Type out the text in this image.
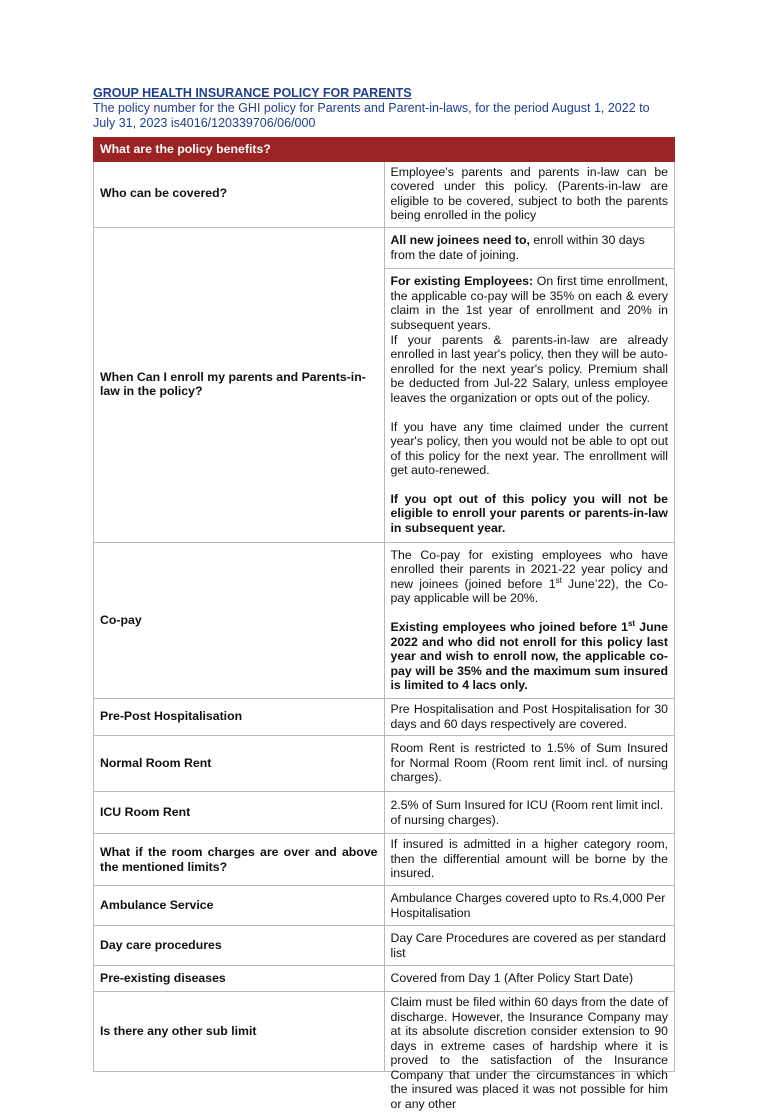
GROUP HEALTH INSURANCE POLICY FOR PARENTS

The policy number for the GHI policy for Parents and Parent-in-laws, for the period August 1, 2022 to July 31, 2023 is4016/120339706/06/000

What are the policy benefits?	
Who can be covered?	Employee’s parents and parents in-law can be covered under this policy. (Parents-in-law are eligible to be covered, subject to both the parents being enrolled in the policy
When Can I enroll my parents and Parents-in-law in the policy?	All new joinees need to, enroll within 30 days from the date of joining.

	For existing Employees: On first time enrollment, the applicable co-pay will be 35% on each & every claim in the 1st year of enrollment and 20% in subsequent years.

If your parents & parents-in-law are already enrolled in last year's policy, then they will be auto-enrolled for the next year's policy. Premium shall be deducted from Jul-22 Salary, unless employee leaves the organization or opts out of the policy.

If you have any time claimed under the current year's policy, then you would not be able to opt out of this policy for the next year. The enrollment will get auto-renewed.

If you opt out of this policy you will not be eligible to enroll your parents or parents-in-law in subsequent year.

Co-pay	The Co-pay for existing employees who have enrolled their parents in 2021-22 year policy and new joinees (joined before 1st June’22), the Co-pay applicable will be 20%.

Existing employees who joined before 1st June 2022 and who did not enroll for this policy last year and wish to enroll now, the applicable co-pay will be 35% and the maximum sum insured is limited to 4 lacs only.

Pre-Post Hospitalisation	Pre Hospitalisation and Post Hospitalisation for 30 days and 60 days respectively are covered.
Normal Room Rent	Room Rent is restricted to 1.5% of Sum Insured for Normal Room (Room rent limit incl. of nursing charges).
ICU Room Rent	2.5% of Sum Insured for ICU (Room rent limit incl. of nursing charges).
What if the room charges are over and above the mentioned limits?	If insured is admitted in a higher category room, then the differential amount will be borne by the insured.
Ambulance Service	Ambulance Charges covered upto to Rs.4,000 Per Hospitalisation
Day care procedures	Day Care Procedures are covered as per standard list
Pre-existing diseases	Covered from Day 1 (After Policy Start Date)
Is there any other sub limit	Claim must be filed within 60 days from the date of discharge. However, the Insurance Company may at its absolute discretion consider extension to 90 days in extreme cases of hardship where it is proved to the satisfaction of the Insurance Company that under the circumstances in which the insured was placed it was not possible for him or any other
